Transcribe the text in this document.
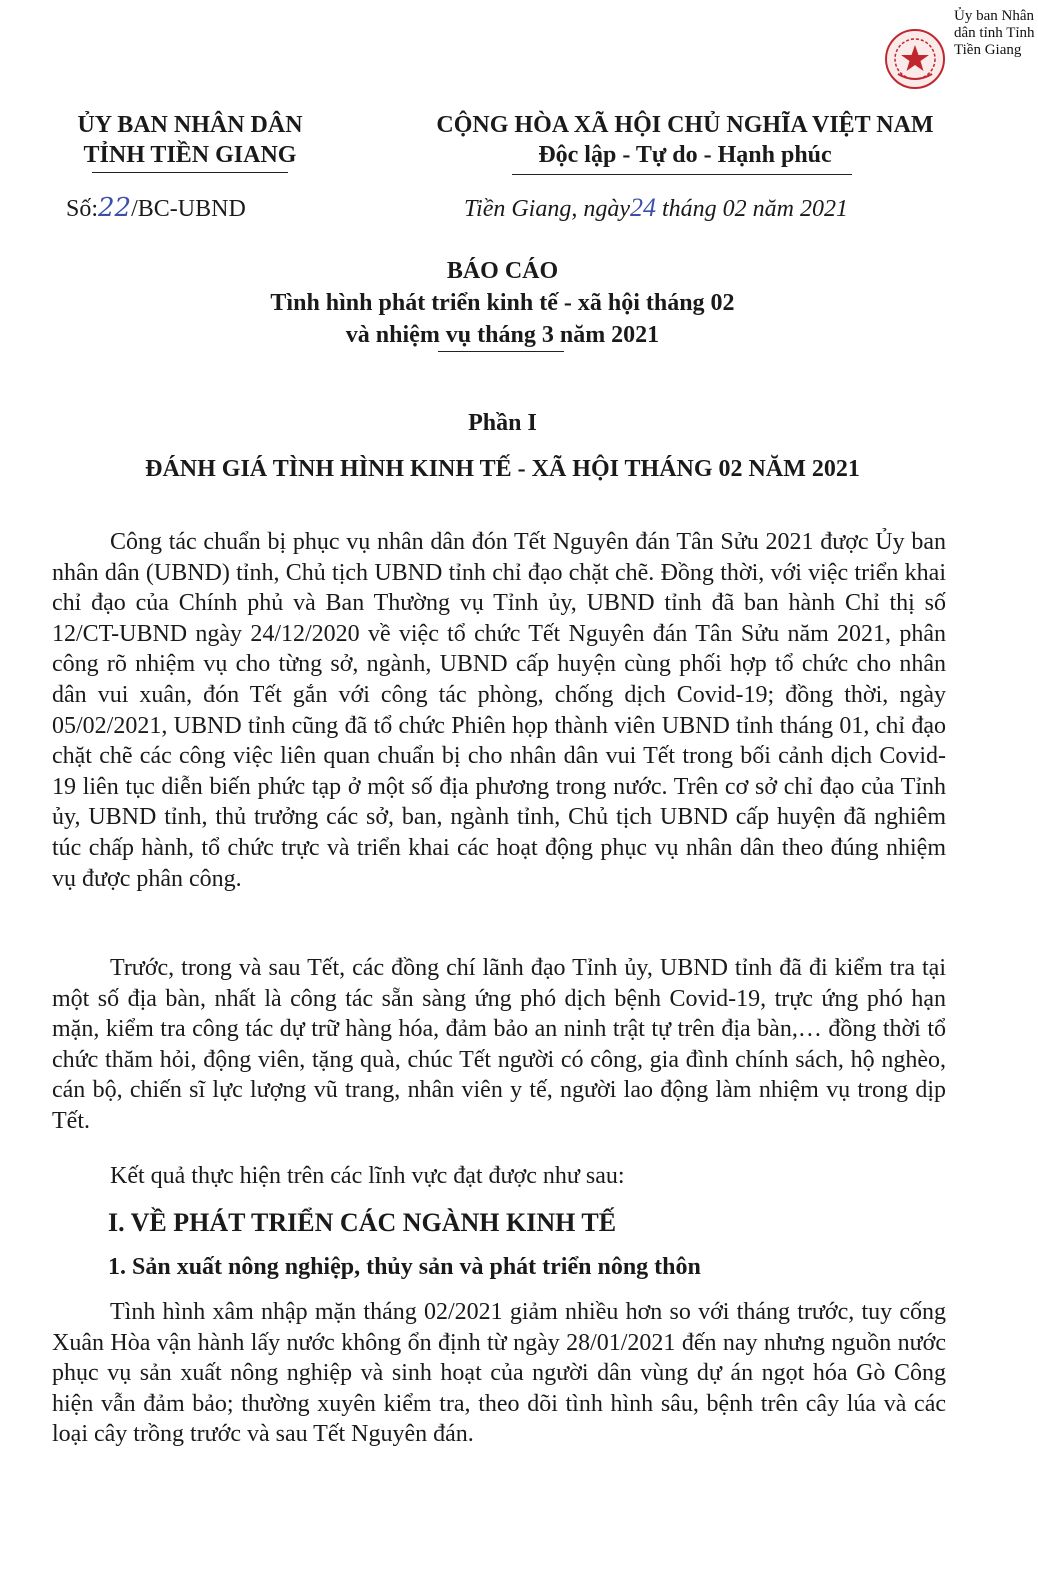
Ủy ban Nhân dân tỉnh Tỉnh Tiền Giang
ỦY BAN NHÂN DÂN
TỈNH TIỀN GIANG
CỘNG HÒA XÃ HỘI CHỦ NGHĨA VIỆT NAM
Độc lập - Tự do - Hạnh phúc
Số:22/BC-UBND	Tiền Giang, ngày24 tháng 02 năm 2021
BÁO CÁO
Tình hình phát triển kinh tế - xã hội tháng 02
và nhiệm vụ tháng 3 năm 2021
Phần I
ĐÁNH GIÁ TÌNH HÌNH KINH TẾ - XÃ HỘI THÁNG 02 NĂM 2021

Công tác chuẩn bị phục vụ nhân dân đón Tết Nguyên đán Tân Sửu 2021 được Ủy ban nhân dân (UBND) tỉnh, Chủ tịch UBND tỉnh chỉ đạo chặt chẽ. Đồng thời, với việc triển khai chỉ đạo của Chính phủ và Ban Thường vụ Tỉnh ủy, UBND tỉnh đã ban hành Chỉ thị số 12/CT-UBND ngày 24/12/2020 về việc tổ chức Tết Nguyên đán Tân Sửu năm 2021, phân công rõ nhiệm vụ cho từng sở, ngành, UBND cấp huyện cùng phối hợp tổ chức cho nhân dân vui xuân, đón Tết gắn với công tác phòng, chống dịch Covid-19; đồng thời, ngày 05/02/2021, UBND tỉnh cũng đã tổ chức Phiên họp thành viên UBND tỉnh tháng 01, chỉ đạo chặt chẽ các công việc liên quan chuẩn bị cho nhân dân vui Tết trong bối cảnh dịch Covid-19 liên tục diễn biến phức tạp ở một số địa phương trong nước. Trên cơ sở chỉ đạo của Tỉnh ủy, UBND tỉnh, thủ trưởng các sở, ban, ngành tỉnh, Chủ tịch UBND cấp huyện đã nghiêm túc chấp hành, tổ chức trực và triển khai các hoạt động phục vụ nhân dân theo đúng nhiệm vụ được phân công.

Trước, trong và sau Tết, các đồng chí lãnh đạo Tỉnh ủy, UBND tỉnh đã đi kiểm tra tại một số địa bàn, nhất là công tác sẵn sàng ứng phó dịch bệnh Covid-19, trực ứng phó hạn mặn, kiểm tra công tác dự trữ hàng hóa, đảm bảo an ninh trật tự trên địa bàn,… đồng thời tổ chức thăm hỏi, động viên, tặng quà, chúc Tết người có công, gia đình chính sách, hộ nghèo, cán bộ, chiến sĩ lực lượng vũ trang, nhân viên y tế, người lao động làm nhiệm vụ trong dịp Tết.

Kết quả thực hiện trên các lĩnh vực đạt được như sau:

I. VỀ PHÁT TRIỂN CÁC NGÀNH KINH TẾ
1. Sản xuất nông nghiệp, thủy sản và phát triển nông thôn

Tình hình xâm nhập mặn tháng 02/2021 giảm nhiều hơn so với tháng trước, tuy cống Xuân Hòa vận hành lấy nước không ổn định từ ngày 28/01/2021 đến nay nhưng nguồn nước phục vụ sản xuất nông nghiệp và sinh hoạt của người dân vùng dự án ngọt hóa Gò Công hiện vẫn đảm bảo; thường xuyên kiểm tra, theo dõi tình hình sâu, bệnh trên cây lúa và các loại cây trồng trước và sau Tết Nguyên đán.
